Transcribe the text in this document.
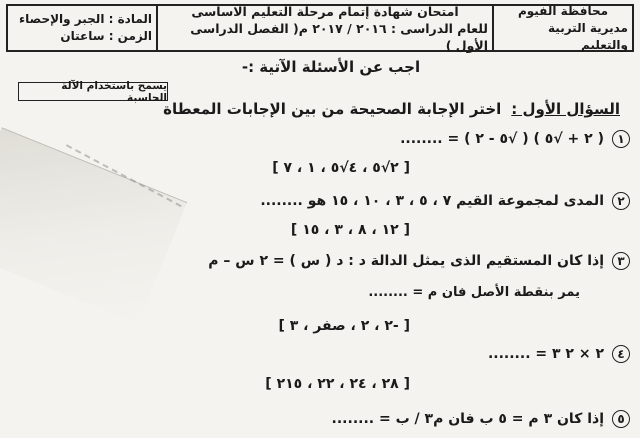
محافظة الفيوم
مديرية التربية والتعليم
امتحان شهادة إتمام مرحلة التعليم الاساسى
للعام الدراسى : ٢٠١٦ / ٢٠١٧ م( الفصل الدراسى الأول )
المادة : الجبر والإحصاء
الزمن : ساعتان
اجب عن الأسئلة الآتية :-
يسمح باستخدام الآلة الحاسبة
السؤال الأول :
اختر الإجابة الصحيحة من بين الإجابات المعطاة
١
( ٢ + √٥ ) ( √٥ - ٢ ) = ........
[ ٢√٥ ، ٤√٥ ، ١ ، ٧ ]
٢
المدى لمجموعة القيم ٧ ، ٥ ، ٣ ، ١٠ ، ١٥ هو ........
[ ١٢ ، ٨ ، ٣ ، ١٥ ]
٣
إذا كان المستقيم الذى يمثل الدالة د : د ( س ) = ٢ س – م
يمر بنقطة الأصل فان م = ........
[ -٢ ، ٢ ، صفر ، ٣ ]
٤
٢ × ٢ ٣ = ........
[ ٢٨ ، ٢٤ ، ٢٢ ، ٢١٥ ]
٥
إذا كان ٣ م = ٥ ب فان م٣ / ب = ........
